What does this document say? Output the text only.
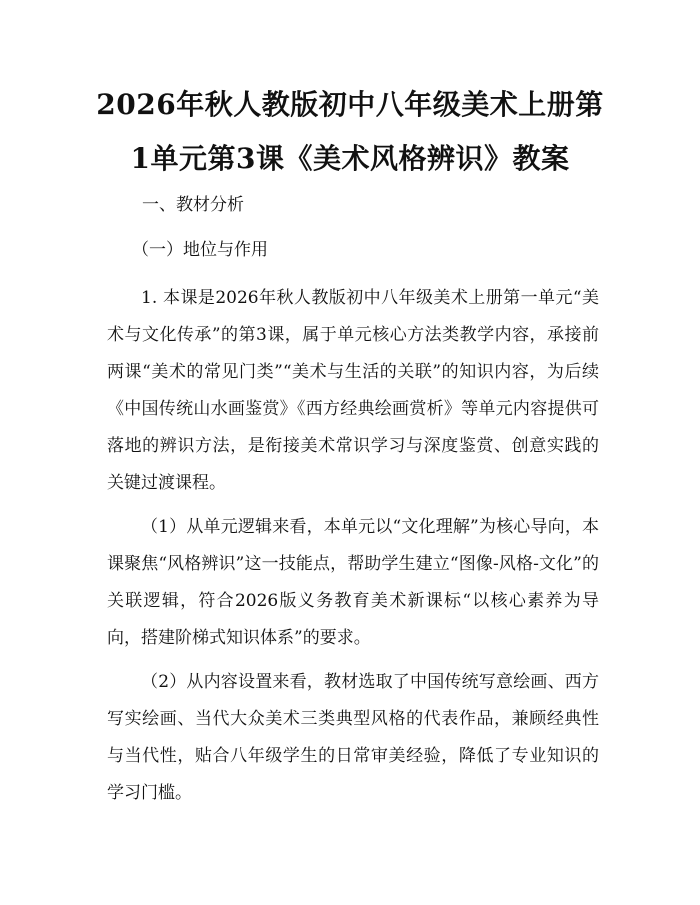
2026年秋人教版初中八年级美术上册第1单元第3课《美术风格辨识》教案

一、教材分析

（一）地位与作用

1. 本课是2026年秋人教版初中八年级美术上册第一单元“美术与文化传承”的第3课，属于单元核心方法类教学内容，承接前两课“美术的常见门类”“美术与生活的关联”的知识内容，为后续《中国传统山水画鉴赏》《西方经典绘画赏析》等单元内容提供可落地的辨识方法，是衔接美术常识学习与深度鉴赏、创意实践的关键过渡课程。

（1）从单元逻辑来看，本单元以“文化理解”为核心导向，本课聚焦“风格辨识”这一技能点，帮助学生建立“图像-风格-文化”的关联逻辑，符合2026版义务教育美术新课标“以核心素养为导向，搭建阶梯式知识体系”的要求。

（2）从内容设置来看，教材选取了中国传统写意绘画、西方写实绘画、当代大众美术三类典型风格的代表作品，兼顾经典性与当代性，贴合八年级学生的日常审美经验，降低了专业知识的学习门槛。
